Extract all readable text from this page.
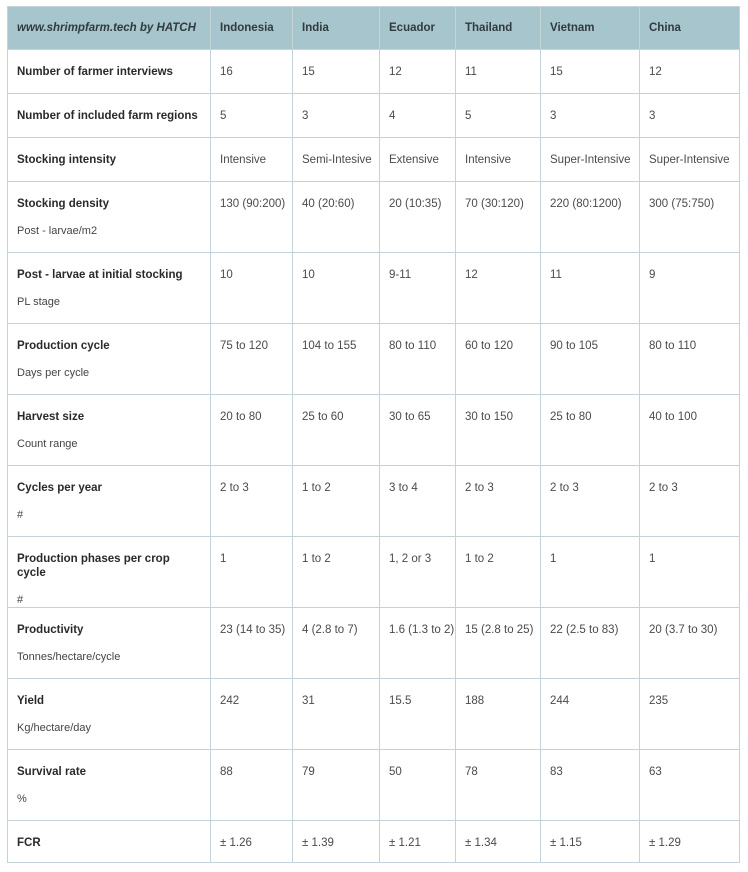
www.shrimpfarm.tech by HATCH	Indonesia	India	Ecuador	Thailand	Vietnam	China

Number of farmer interviews	16	15	12	11	15	12

Number of included farm regions	5	3	4	5	3	3

Stocking intensity	Intensive	Semi-Intesive	Extensive	Intensive	Super-Intensive	Super-Intensive

Stocking density
Post - larvae/m2	130 (90:200)	40 (20:60)	20 (10:35)	70 (30:120)	220 (80:1200)	300 (75:750)

Post - larvae at initial stocking
PL stage	10	10	9-11	12	11	9

Production cycle
Days per cycle	75 to 120	104 to 155	80 to 110	60 to 120	90 to 105	80 to 110

Harvest size
Count range	20 to 80	25 to 60	30 to 65	30 to 150	25 to 80	40 to 100

Cycles per year
#	2 to 3	1 to 2	3 to 4	2 to 3	2 to 3	2 to 3

Production phases per crop cycle
#	1	1 to 2	1, 2 or 3	1 to 2	1	1

Productivity
Tonnes/hectare/cycle	23 (14 to 35)	4 (2.8 to 7)	1.6 (1.3 to 2)	15 (2.8 to 25)	22 (2.5 to 83)	20 (3.7 to 30)

Yield
Kg/hectare/day	242	31	15.5	188	244	235

Survival rate
%	88	79	50	78	83	63

FCR	± 1.26	± 1.39	± 1.21	± 1.34	± 1.15	± 1.29
